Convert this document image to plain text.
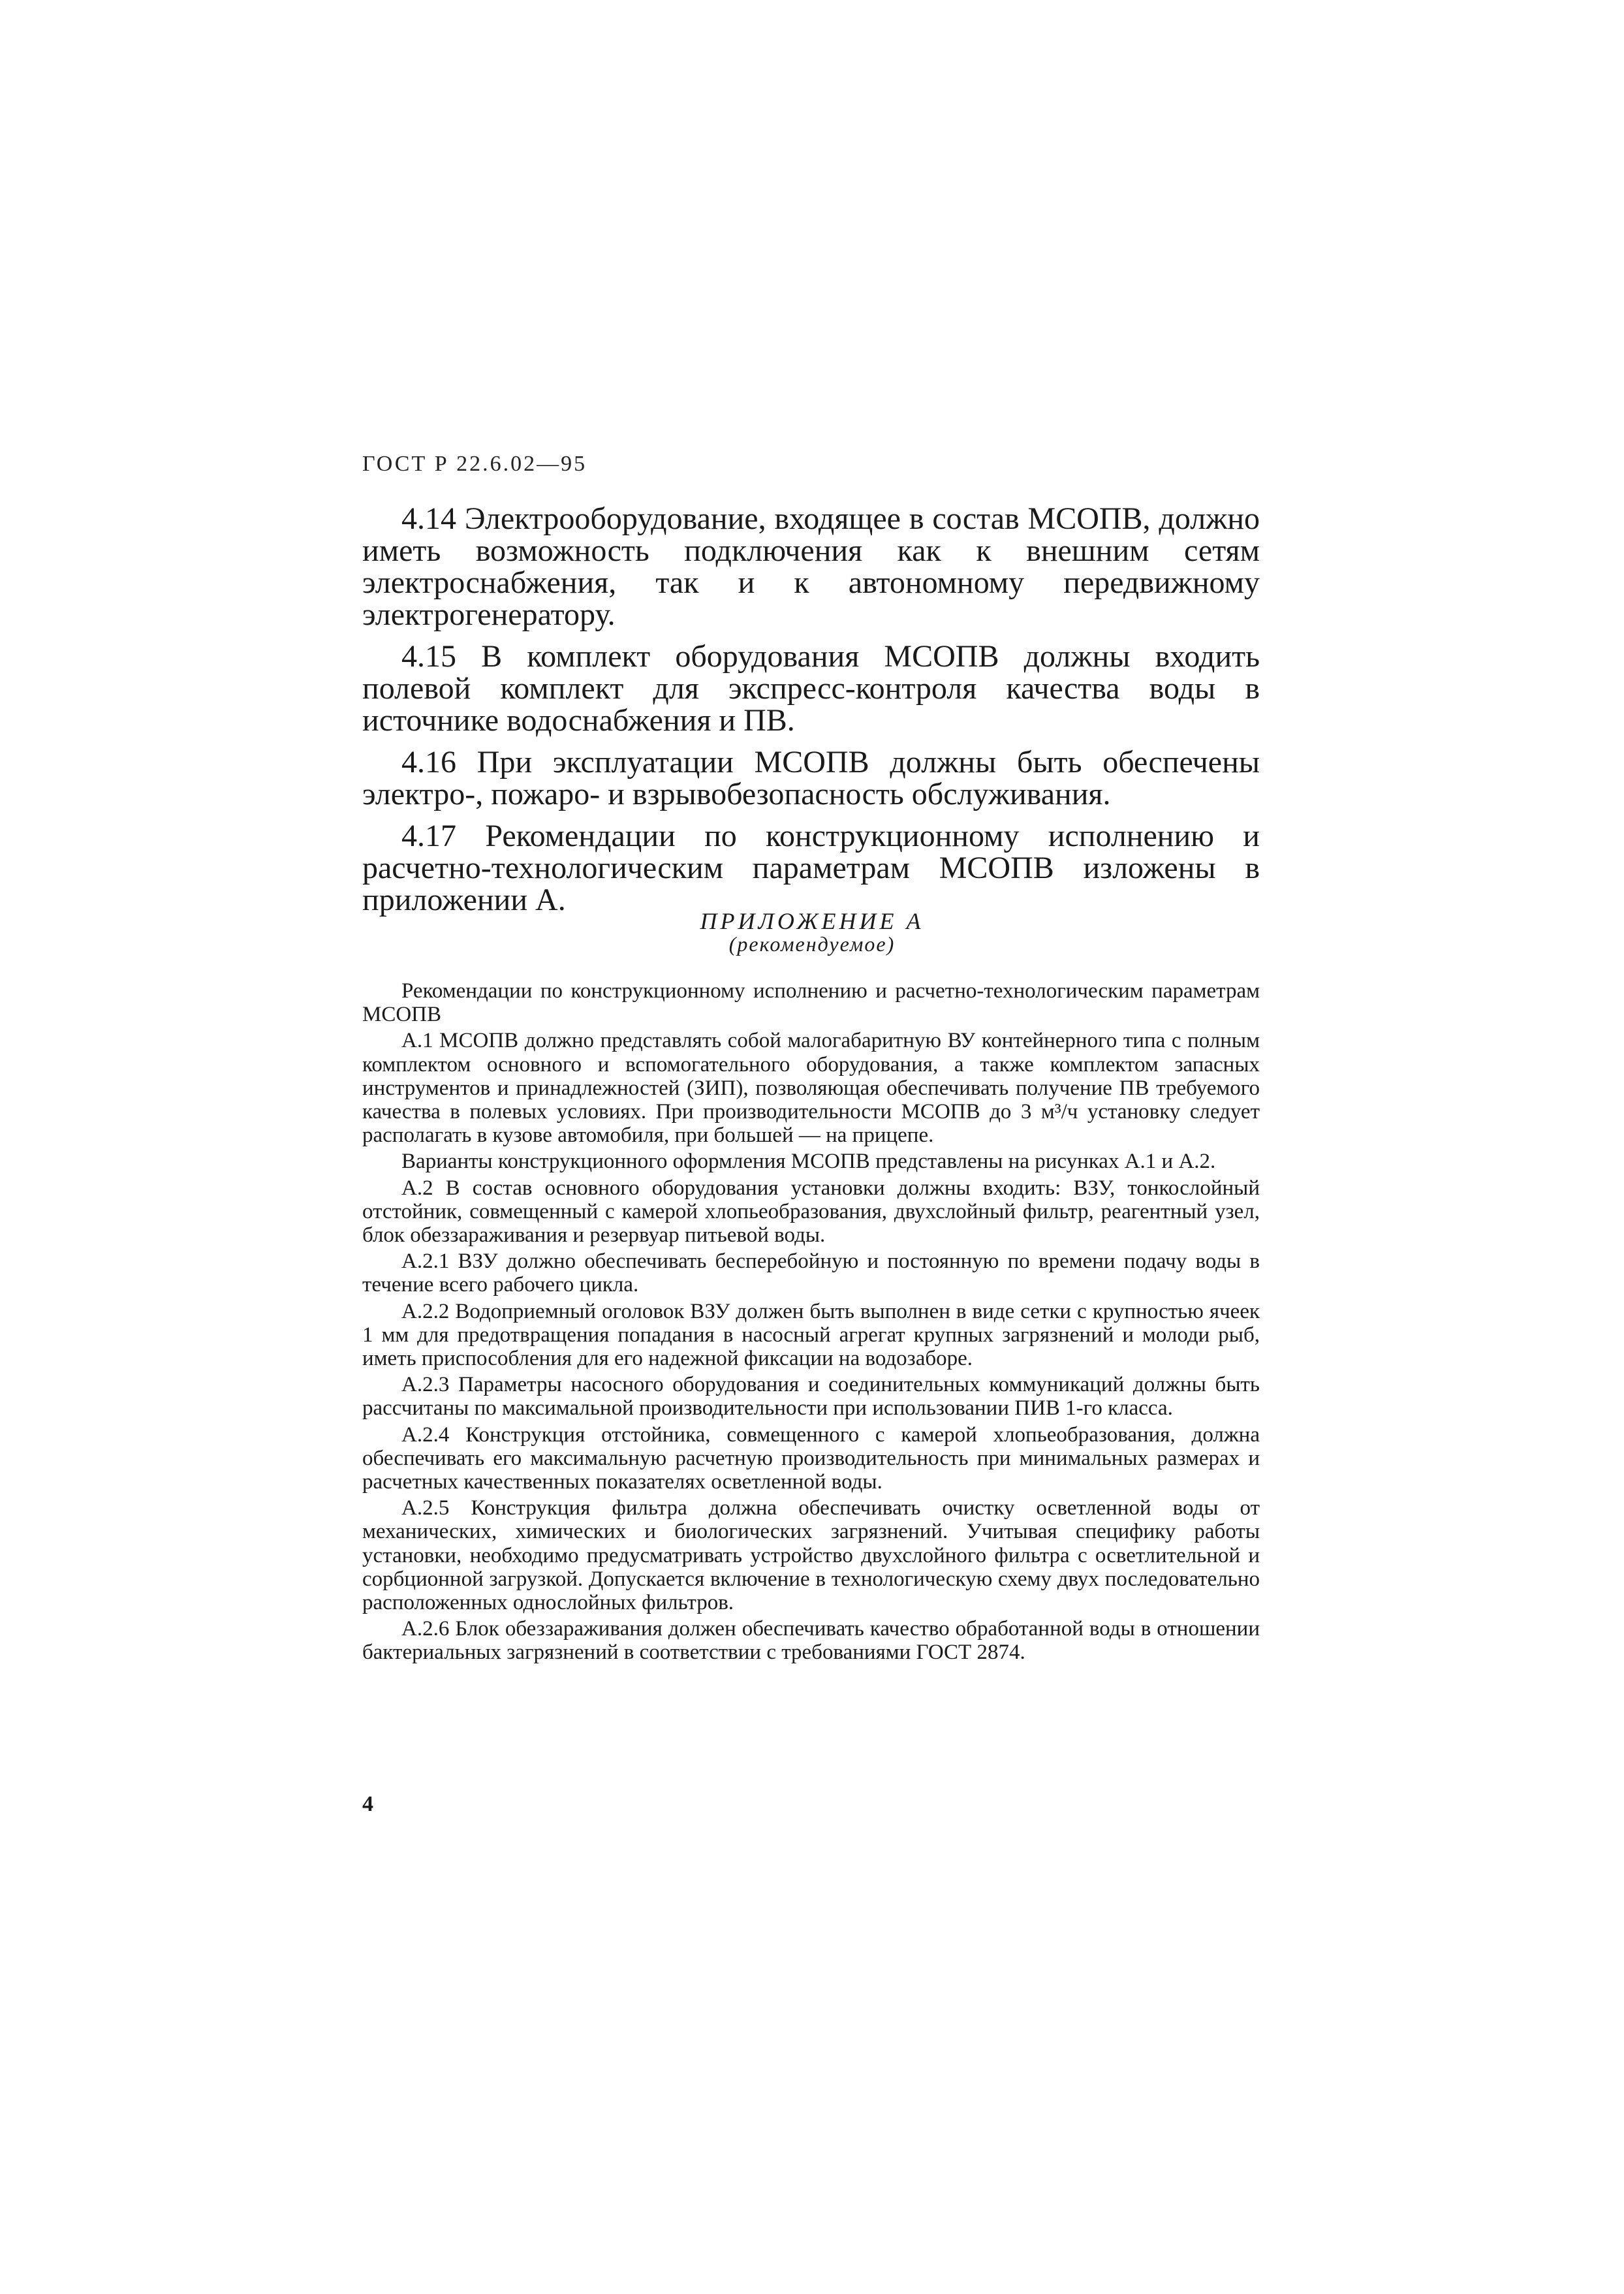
ГОСТ Р 22.6.02—95

4.14 Электрооборудование, входящее в состав МСОПВ, должно иметь возможность подключения как к внешним сетям электроснабжения, так и к автономному передвижному электрогенератору.

4.15 В комплект оборудования МСОПВ должны входить полевой комплект для экспресс-контроля качества воды в источнике водоснабжения и ПВ.

4.16 При эксплуатации МСОПВ должны быть обеспечены электро-, пожаро- и взрывобезопасность обслуживания.

4.17 Рекомендации по конструкционному исполнению и расчетно-технологическим параметрам МСОПВ изложены в приложении А.

ПРИЛОЖЕНИЕ А
(рекомендуемое)

Рекомендации по конструкционному исполнению и расчетно-технологическим параметрам МСОПВ

А.1 МСОПВ должно представлять собой малогабаритную ВУ контейнерного типа с полным комплектом основного и вспомогательного оборудования, а также комплектом запасных инструментов и принадлежностей (ЗИП), позволяющая обеспечивать получение ПВ требуемого качества в полевых условиях. При производительности МСОПВ до 3 м³/ч установку следует располагать в кузове автомобиля, при большей — на прицепе.

Варианты конструкционного оформления МСОПВ представлены на рисунках А.1 и А.2.

А.2 В состав основного оборудования установки должны входить: ВЗУ, тонкослойный отстойник, совмещенный с камерой хлопьеобразования, двухслойный фильтр, реагентный узел, блок обеззараживания и резервуар питьевой воды.

А.2.1 ВЗУ должно обеспечивать бесперебойную и постоянную по времени подачу воды в течение всего рабочего цикла.

А.2.2 Водоприемный оголовок ВЗУ должен быть выполнен в виде сетки с крупностью ячеек 1 мм для предотвращения попадания в насосный агрегат крупных загрязнений и молоди рыб, иметь приспособления для его надежной фиксации на водозаборе.

А.2.3 Параметры насосного оборудования и соединительных коммуникаций должны быть рассчитаны по максимальной производительности при использовании ПИВ 1-го класса.

А.2.4 Конструкция отстойника, совмещенного с камерой хлопьеобразования, должна обеспечивать его максимальную расчетную производительность при минимальных размерах и расчетных качественных показателях осветленной воды.

А.2.5 Конструкция фильтра должна обеспечивать очистку осветленной воды от механических, химических и биологических загрязнений. Учитывая специфику работы установки, необходимо предусматривать устройство двухслойного фильтра с осветлительной и сорбционной загрузкой. Допускается включение в технологическую схему двух последовательно расположенных однослойных фильтров.

А.2.6 Блок обеззараживания должен обеспечивать качество обработанной воды в отношении бактериальных загрязнений в соответствии с требованиями ГОСТ 2874.

4
